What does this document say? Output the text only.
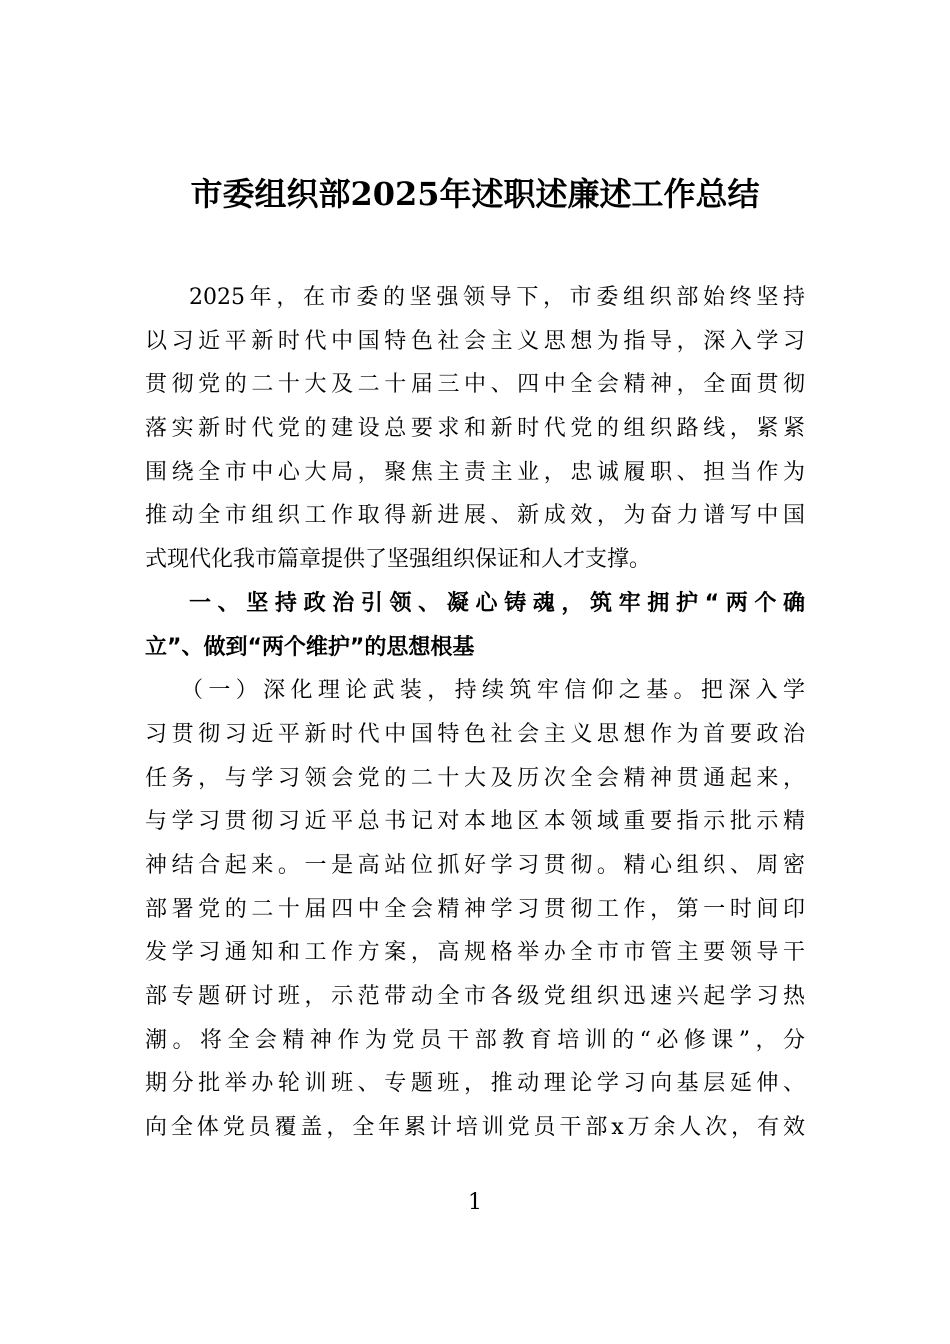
市委组织部2025年述职述廉述工作总结
2025年，在市委的坚强领导下，市委组织部始终坚持
以习近平新时代中国特色社会主义思想为指导，深入学习
贯彻党的二十大及二十届三中、四中全会精神，全面贯彻
落实新时代党的建设总要求和新时代党的组织路线，紧紧
围绕全市中心大局，聚焦主责主业，忠诚履职、担当作为
推动全市组织工作取得新进展、新成效，为奋力谱写中国
式现代化我市篇章提供了坚强组织保证和人才支撑。
一、坚持政治引领、凝心铸魂，筑牢拥护“两个确
立”、做到“两个维护”的思想根基
（一）深化理论武装，持续筑牢信仰之基。把深入学
习贯彻习近平新时代中国特色社会主义思想作为首要政治
任务，与学习领会党的二十大及历次全会精神贯通起来，
与学习贯彻习近平总书记对本地区本领域重要指示批示精
神结合起来。一是高站位抓好学习贯彻。精心组织、周密
部署党的二十届四中全会精神学习贯彻工作，第一时间印
发学习通知和工作方案，高规格举办全市市管主要领导干
部专题研讨班，示范带动全市各级党组织迅速兴起学习热
潮。将全会精神作为党员干部教育培训的“必修课”，分
期分批举办轮训班、专题班，推动理论学习向基层延伸、
向全体党员覆盖，全年累计培训党员干部x万余人次，有效
1
